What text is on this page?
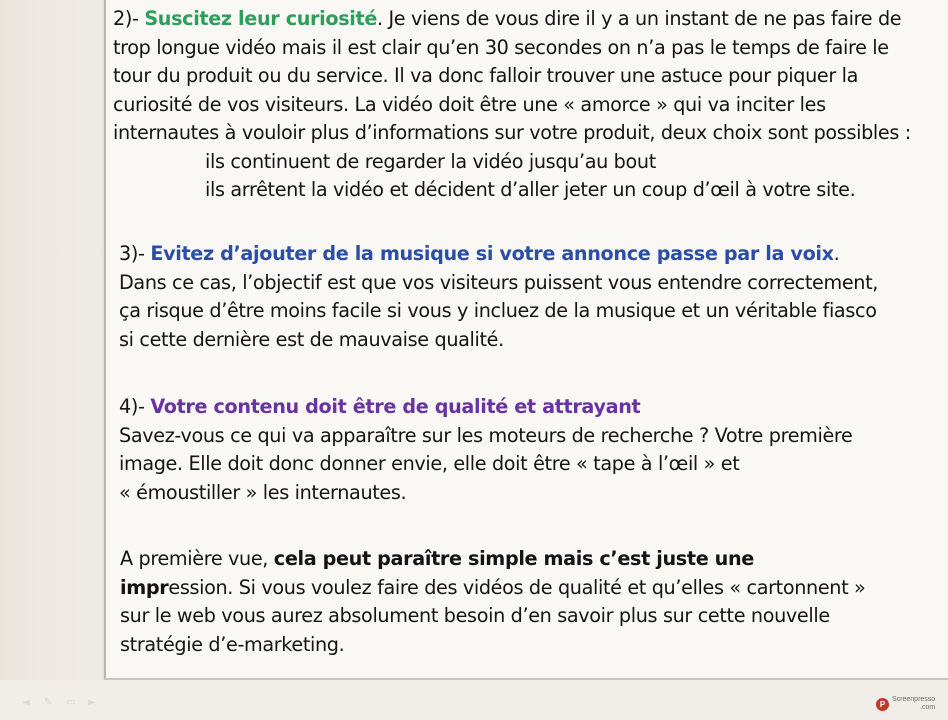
2)- Suscitez leur curiosité. Je viens de vous dire il y a un instant de ne pas faire de
trop longue vidéo mais il est clair qu’en 30 secondes on n’a pas le temps de faire le
tour du produit ou du service. Il va donc falloir trouver une astuce pour piquer la
curiosité de vos visiteurs. La vidéo doit être une « amorce » qui va inciter les
internautes à vouloir plus d’informations sur votre produit, deux choix sont possibles :
ils continuent de regarder la vidéo jusqu’au bout
ils arrêtent la vidéo et décident d’aller jeter un coup d’œil à votre site.
3)- Evitez d’ajouter de la musique si votre annonce passe par la voix.
Dans ce cas, l’objectif est que vos visiteurs puissent vous entendre correctement,
ça risque d’être moins facile si vous y incluez de la musique et un véritable fiasco
si cette dernière est de mauvaise qualité.
4)- Votre contenu doit être de qualité et attrayant
Savez-vous ce qui va apparaître sur les moteurs de recherche ? Votre première
image. Elle doit donc donner envie, elle doit être « tape à l’œil » et
« émoustiller » les internautes.
A première vue, cela peut paraître simple mais c’est juste une
impression. Si vous voulez faire des vidéos de qualité et qu’elles « cartonnent »
sur le web vous aurez absolument besoin d’en savoir plus sur cette nouvelle
stratégie d’e-marketing.
◄ ✎ ▭ ►	P Screenpresso
.com
